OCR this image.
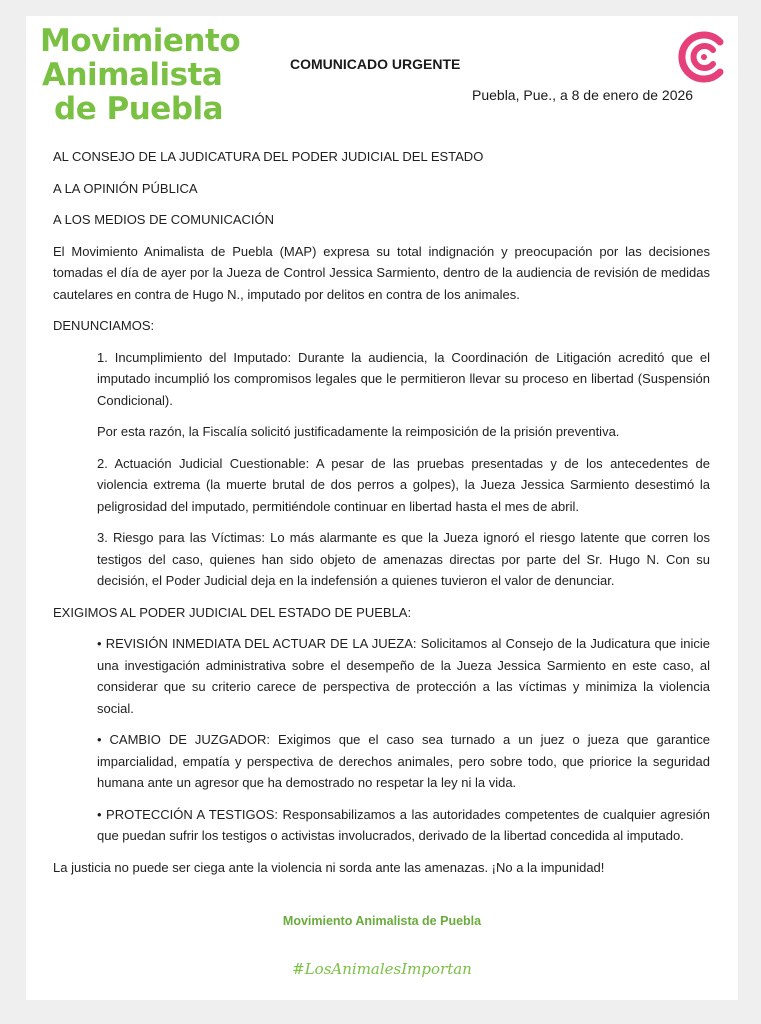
Movimiento
Animalista
de Puebla
COMUNICADO URGENTE
Puebla, Pue., a 8 de enero de 2026

AL CONSEJO DE LA JUDICATURA DEL PODER JUDICIAL DEL ESTADO

A LA OPINIÓN PÚBLICA

A LOS MEDIOS DE COMUNICACIÓN

El Movimiento Animalista de Puebla (MAP) expresa su total indignación y preocupación por las decisiones tomadas el día de ayer por la Jueza de Control Jessica Sarmiento, dentro de la audiencia de revisión de medidas cautelares en contra de Hugo N., imputado por delitos en contra de los animales.

DENUNCIAMOS:

1. Incumplimiento del Imputado: Durante la audiencia, la Coordinación de Litigación acreditó que el imputado incumplió los compromisos legales que le permitieron llevar su proceso en libertad (Suspensión Condicional).

Por esta razón, la Fiscalía solicitó justificadamente la reimposición de la prisión preventiva.

2. Actuación Judicial Cuestionable: A pesar de las pruebas presentadas y de los antecedentes de violencia extrema (la muerte brutal de dos perros a golpes), la Jueza Jessica Sarmiento desestimó la peligrosidad del imputado, permitiéndole continuar en libertad hasta el mes de abril.

3. Riesgo para las Víctimas: Lo más alarmante es que la Jueza ignoró el riesgo latente que corren los testigos del caso, quienes han sido objeto de amenazas directas por parte del Sr. Hugo N. Con su decisión, el Poder Judicial deja en la indefensión a quienes tuvieron el valor de denunciar.

EXIGIMOS AL PODER JUDICIAL DEL ESTADO DE PUEBLA:

• REVISIÓN INMEDIATA DEL ACTUAR DE LA JUEZA: Solicitamos al Consejo de la Judicatura que inicie una investigación administrativa sobre el desempeño de la Jueza Jessica Sarmiento en este caso, al considerar que su criterio carece de perspectiva de protección a las víctimas y minimiza la violencia social.

• CAMBIO DE JUZGADOR: Exigimos que el caso sea turnado a un juez o jueza que garantice imparcialidad, empatía y perspectiva de derechos animales, pero sobre todo, que priorice la seguridad humana ante un agresor que ha demostrado no respetar la ley ni la vida.

• PROTECCIÓN A TESTIGOS: Responsabilizamos a las autoridades competentes de cualquier agresión que puedan sufrir los testigos o activistas involucrados, derivado de la libertad concedida al imputado.

La justicia no puede ser ciega ante la violencia ni sorda ante las amenazas. ¡No a la impunidad!

Movimiento Animalista de Puebla
#LosAnimalesImportan
